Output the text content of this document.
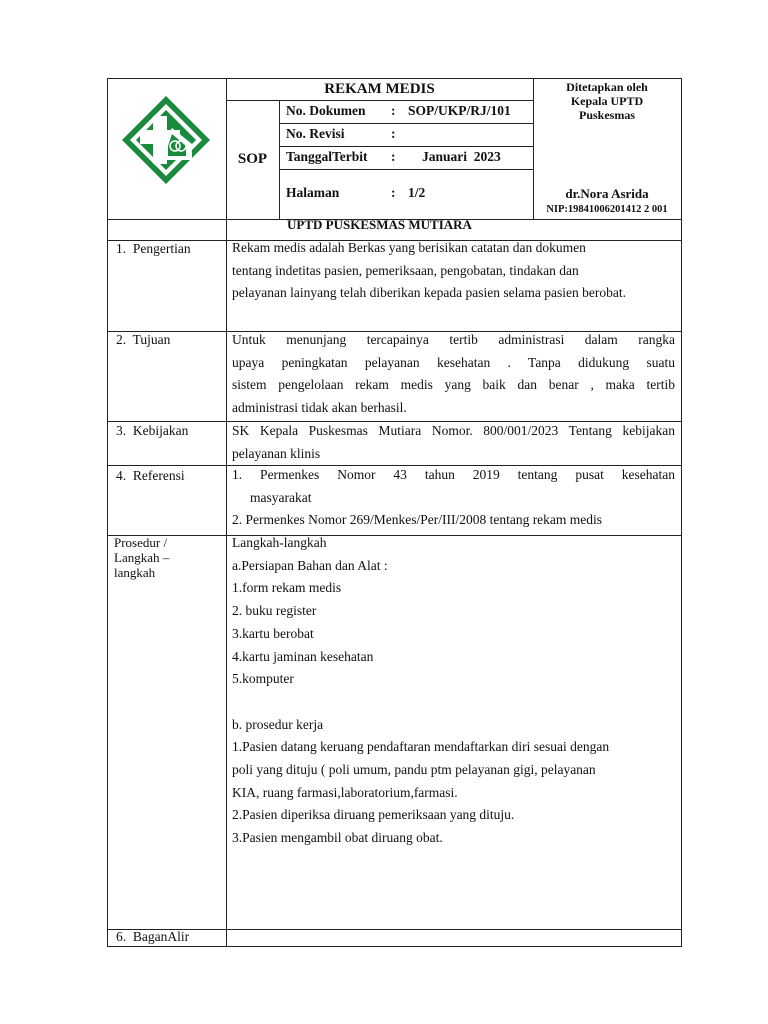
REKAM MEDIS
SOP
No. Dokumen : SOP/UKP/RJ/101
No. Revisi	:
TanggalTerbit : Januari  2023
Halaman	: 1/2
Ditetapkan oleh
Kepala UPTD
Puskesmas
dr.Nora Asrida
NIP:19841006201412 2 001
UPTD PUSKESMAS MUTIARA
1.  Pengertian
2.  Tujuan
3.  Kebijakan
4.  Referensi
Prosedur /
Langkah –
langkah
6.  BaganAlir
Rekam medis adalah Berkas yang berisikan catatan dan dokumen
tentang indetitas pasien, pemeriksaan, pengobatan, tindakan dan
pelayanan lainyang telah diberikan kepada pasien selama pasien berobat.
Untuk menunjang tercapainya tertib administrasi dalam rangka
upaya peningkatan pelayanan kesehatan . Tanpa didukung suatu
sistem pengelolaan rekam medis yang baik dan benar , maka tertib
administrasi tidak akan berhasil.
SK Kepala Puskesmas Mutiara Nomor. 800/001/2023 Tentang kebijakan
pelayanan klinis
1. Permenkes Nomor 43 tahun 2019 tentang pusat kesehatan
masyarakat
2. Permenkes Nomor 269/Menkes/Per/III/2008 tentang rekam medis
Langkah-langkah
a.Persiapan Bahan dan Alat :
1.form rekam medis
2. buku register
3.kartu berobat
4.kartu jaminan kesehatan
5.komputer
b. prosedur kerja
1.Pasien datang keruang pendaftaran mendaftarkan diri sesuai dengan
poli yang dituju ( poli umum, pandu ptm pelayanan gigi, pelayanan
KIA, ruang farmasi,laboratorium,farmasi.
2.Pasien diperiksa diruang pemeriksaan yang dituju.
3.Pasien mengambil obat diruang obat.
